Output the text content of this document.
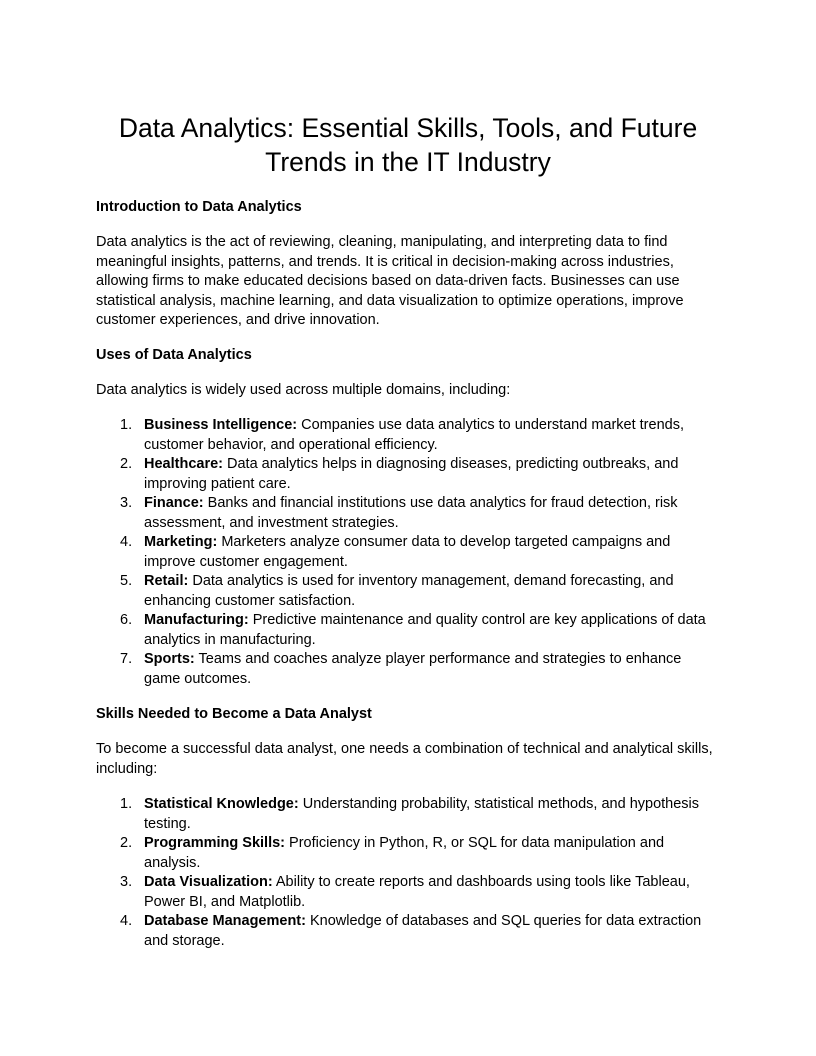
Data Analytics: Essential Skills, Tools, and Future Trends in the IT Industry
Introduction to Data Analytics
Data analytics is the act of reviewing, cleaning, manipulating, and interpreting data to find meaningful insights, patterns, and trends. It is critical in decision-making across industries, allowing firms to make educated decisions based on data-driven facts. Businesses can use statistical analysis, machine learning, and data visualization to optimize operations, improve customer experiences, and drive innovation.
Uses of Data Analytics
Data analytics is widely used across multiple domains, including:
1. Business Intelligence: Companies use data analytics to understand market trends, customer behavior, and operational efficiency.
2. Healthcare: Data analytics helps in diagnosing diseases, predicting outbreaks, and improving patient care.
3. Finance: Banks and financial institutions use data analytics for fraud detection, risk assessment, and investment strategies.
4. Marketing: Marketers analyze consumer data to develop targeted campaigns and improve customer engagement.
5. Retail: Data analytics is used for inventory management, demand forecasting, and enhancing customer satisfaction.
6. Manufacturing: Predictive maintenance and quality control are key applications of data analytics in manufacturing.
7. Sports: Teams and coaches analyze player performance and strategies to enhance game outcomes.
Skills Needed to Become a Data Analyst
To become a successful data analyst, one needs a combination of technical and analytical skills, including:
1. Statistical Knowledge: Understanding probability, statistical methods, and hypothesis testing.
2. Programming Skills: Proficiency in Python, R, or SQL for data manipulation and analysis.
3. Data Visualization: Ability to create reports and dashboards using tools like Tableau, Power BI, and Matplotlib.
4. Database Management: Knowledge of databases and SQL queries for data extraction and storage.
